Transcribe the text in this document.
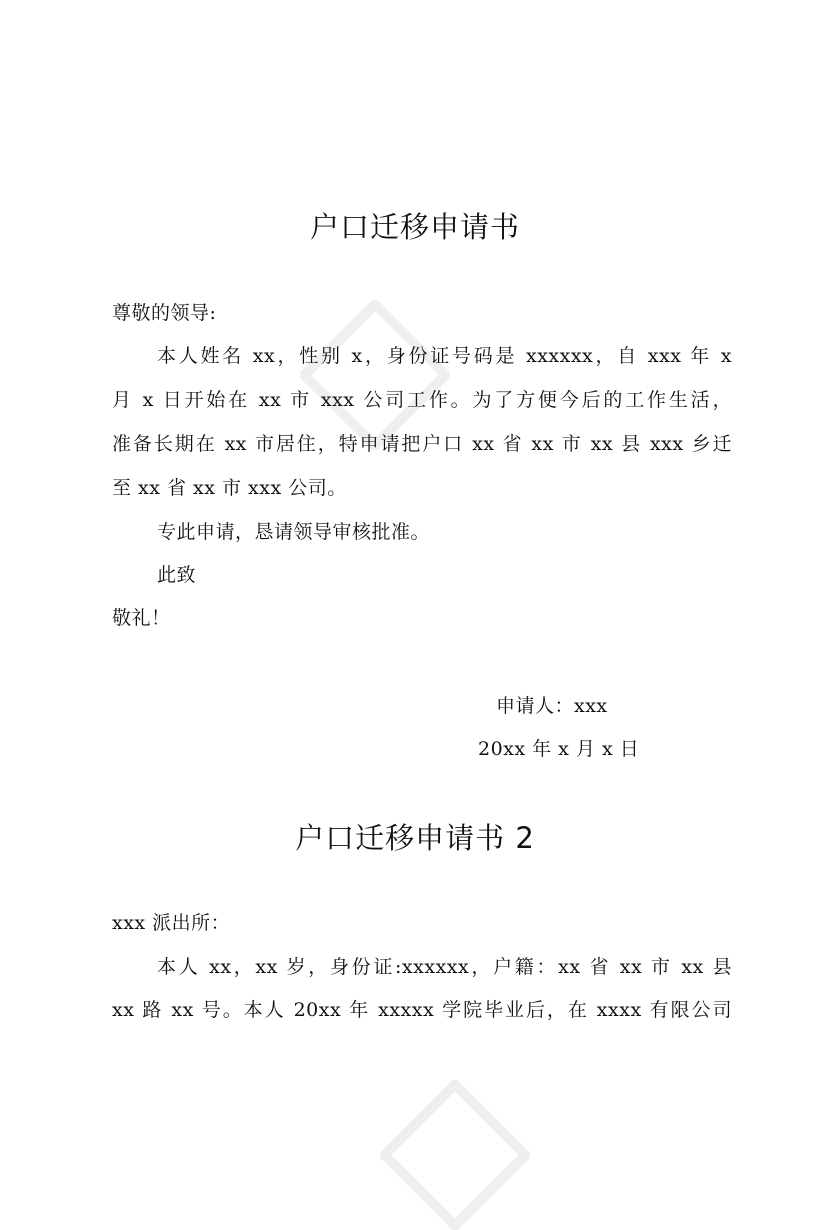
户口迁移申请书
尊敬的领导:
本人姓名 xx，性别 x，身份证号码是 xxxxxx，自 xxx 年 x
月 x 日开始在 xx 市 xxx 公司工作。为了方便今后的工作生活，
准备长期在 xx 市居住，特申请把户口 xx 省 xx 市 xx 县 xxx 乡迁
至 xx 省 xx 市 xxx 公司。
专此申请，恳请领导审核批准。
此致
敬礼！
申请人：xxx
20xx 年 x 月 x 日
户口迁移申请书 2
xxx 派出所：
本人 xx，xx 岁，身份证:xxxxxx，户籍：xx 省 xx 市 xx 县
xx 路 xx 号。本人 20xx 年 xxxxx 学院毕业后，在 xxxx 有限公司
